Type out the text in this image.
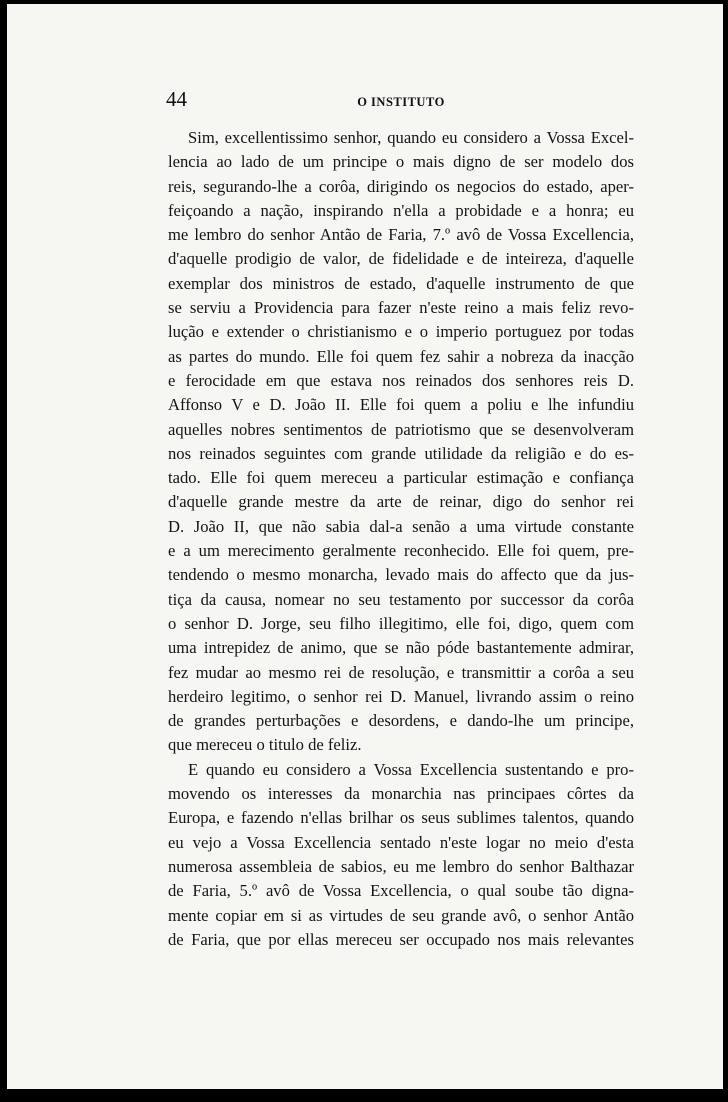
44	O INSTITUTO
Sim, excellentissimo senhor, quando eu considero a Vossa Excel-
lencia ao lado de um principe o mais digno de ser modelo dos
reis, segurando-lhe a corôa, dirigindo os negocios do estado, aper-
feiçoando a nação, inspirando n'ella a probidade e a honra; eu
me lembro do senhor Antão de Faria, 7.º avô de Vossa Excellencia,
d'aquelle prodigio de valor, de fidelidade e de inteireza, d'aquelle
exemplar dos ministros de estado, d'aquelle instrumento de que
se serviu a Providencia para fazer n'este reino a mais feliz revo-
lução e extender o christianismo e o imperio portuguez por todas
as partes do mundo. Elle foi quem fez sahir a nobreza da inacção
e ferocidade em que estava nos reinados dos senhores reis D.
Affonso V e D. João II. Elle foi quem a poliu e lhe infundiu
aquelles nobres sentimentos de patriotismo que se desenvolveram
nos reinados seguintes com grande utilidade da religião e do es-
tado. Elle foi quem mereceu a particular estimação e confiança
d'aquelle grande mestre da arte de reinar, digo do senhor rei
D. João II, que não sabia dal-a senão a uma virtude constante
e a um merecimento geralmente reconhecido. Elle foi quem, pre-
tendendo o mesmo monarcha, levado mais do affecto que da jus-
tiça da causa, nomear no seu testamento por successor da corôa
o senhor D. Jorge, seu filho illegitimo, elle foi, digo, quem com
uma intrepidez de animo, que se não póde bastantemente admirar,
fez mudar ao mesmo rei de resolução, e transmittir a corôa a seu
herdeiro legitimo, o senhor rei D. Manuel, livrando assim o reino
de grandes perturbações e desordens, e dando-lhe um principe,
que mereceu o titulo de feliz.
E quando eu considero a Vossa Excellencia sustentando e pro-
movendo os interesses da monarchia nas principaes côrtes da
Europa, e fazendo n'ellas brilhar os seus sublimes talentos, quando
eu vejo a Vossa Excellencia sentado n'este logar no meio d'esta
numerosa assembleia de sabios, eu me lembro do senhor Balthazar
de Faria, 5.º avô de Vossa Excellencia, o qual soube tão digna-
mente copiar em si as virtudes de seu grande avô, o senhor Antão
de Faria, que por ellas mereceu ser occupado nos mais relevantes
